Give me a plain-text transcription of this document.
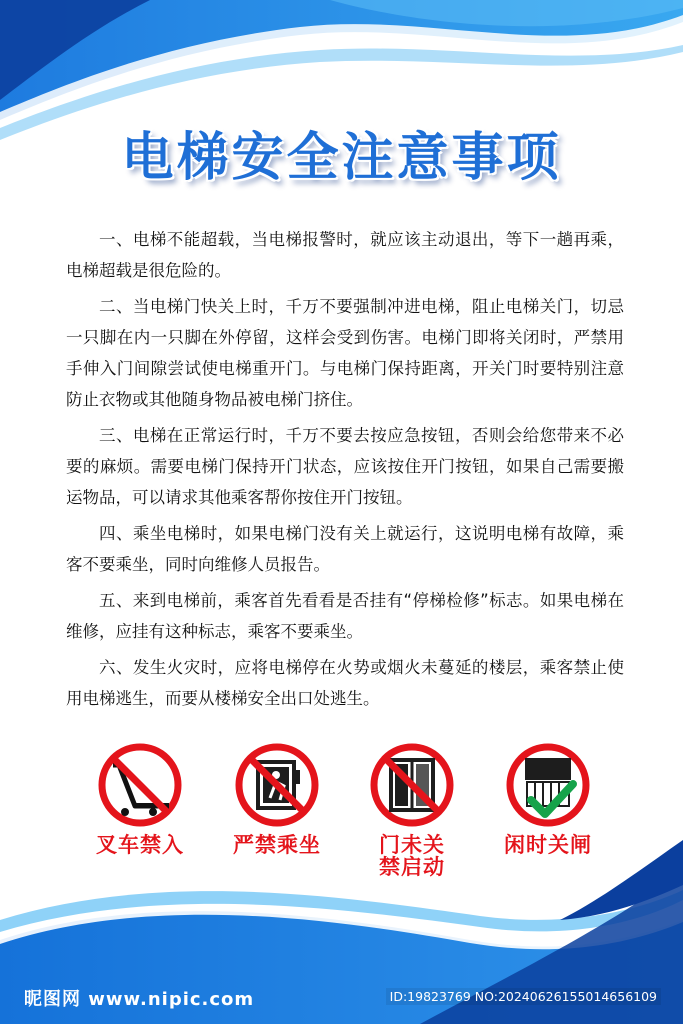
电梯安全注意事项

一、电梯不能超载，当电梯报警时，就应该主动退出，等下一趟再乘，电梯超载是很危险的。

二、当电梯门快关上时，千万不要强制冲进电梯，阻止电梯关门，切忌一只脚在内一只脚在外停留，这样会受到伤害。电梯门即将关闭时，严禁用手伸入门间隙尝试使电梯重开门。与电梯门保持距离，开关门时要特别注意防止衣物或其他随身物品被电梯门挤住。

三、电梯在正常运行时，千万不要去按应急按钮，否则会给您带来不必要的麻烦。需要电梯门保持开门状态，应该按住开门按钮，如果自己需要搬运物品，可以请求其他乘客帮你按住开门按钮。

四、乘坐电梯时，如果电梯门没有关上就运行，这说明电梯有故障，乘客不要乘坐，同时向维修人员报告。

五、来到电梯前，乘客首先看看是否挂有“停梯检修”标志。如果电梯在维修，应挂有这种标志，乘客不要乘坐。

六、发生火灾时，应将电梯停在火势或烟火未蔓延的楼层，乘客禁止使用电梯逃生，而要从楼梯安全出口处逃生。

叉车禁入	严禁乘坐	门未关禁启动
闲时关闸
昵图网 www.nipic.com	ID:19823769 NO:20240626155014656109
